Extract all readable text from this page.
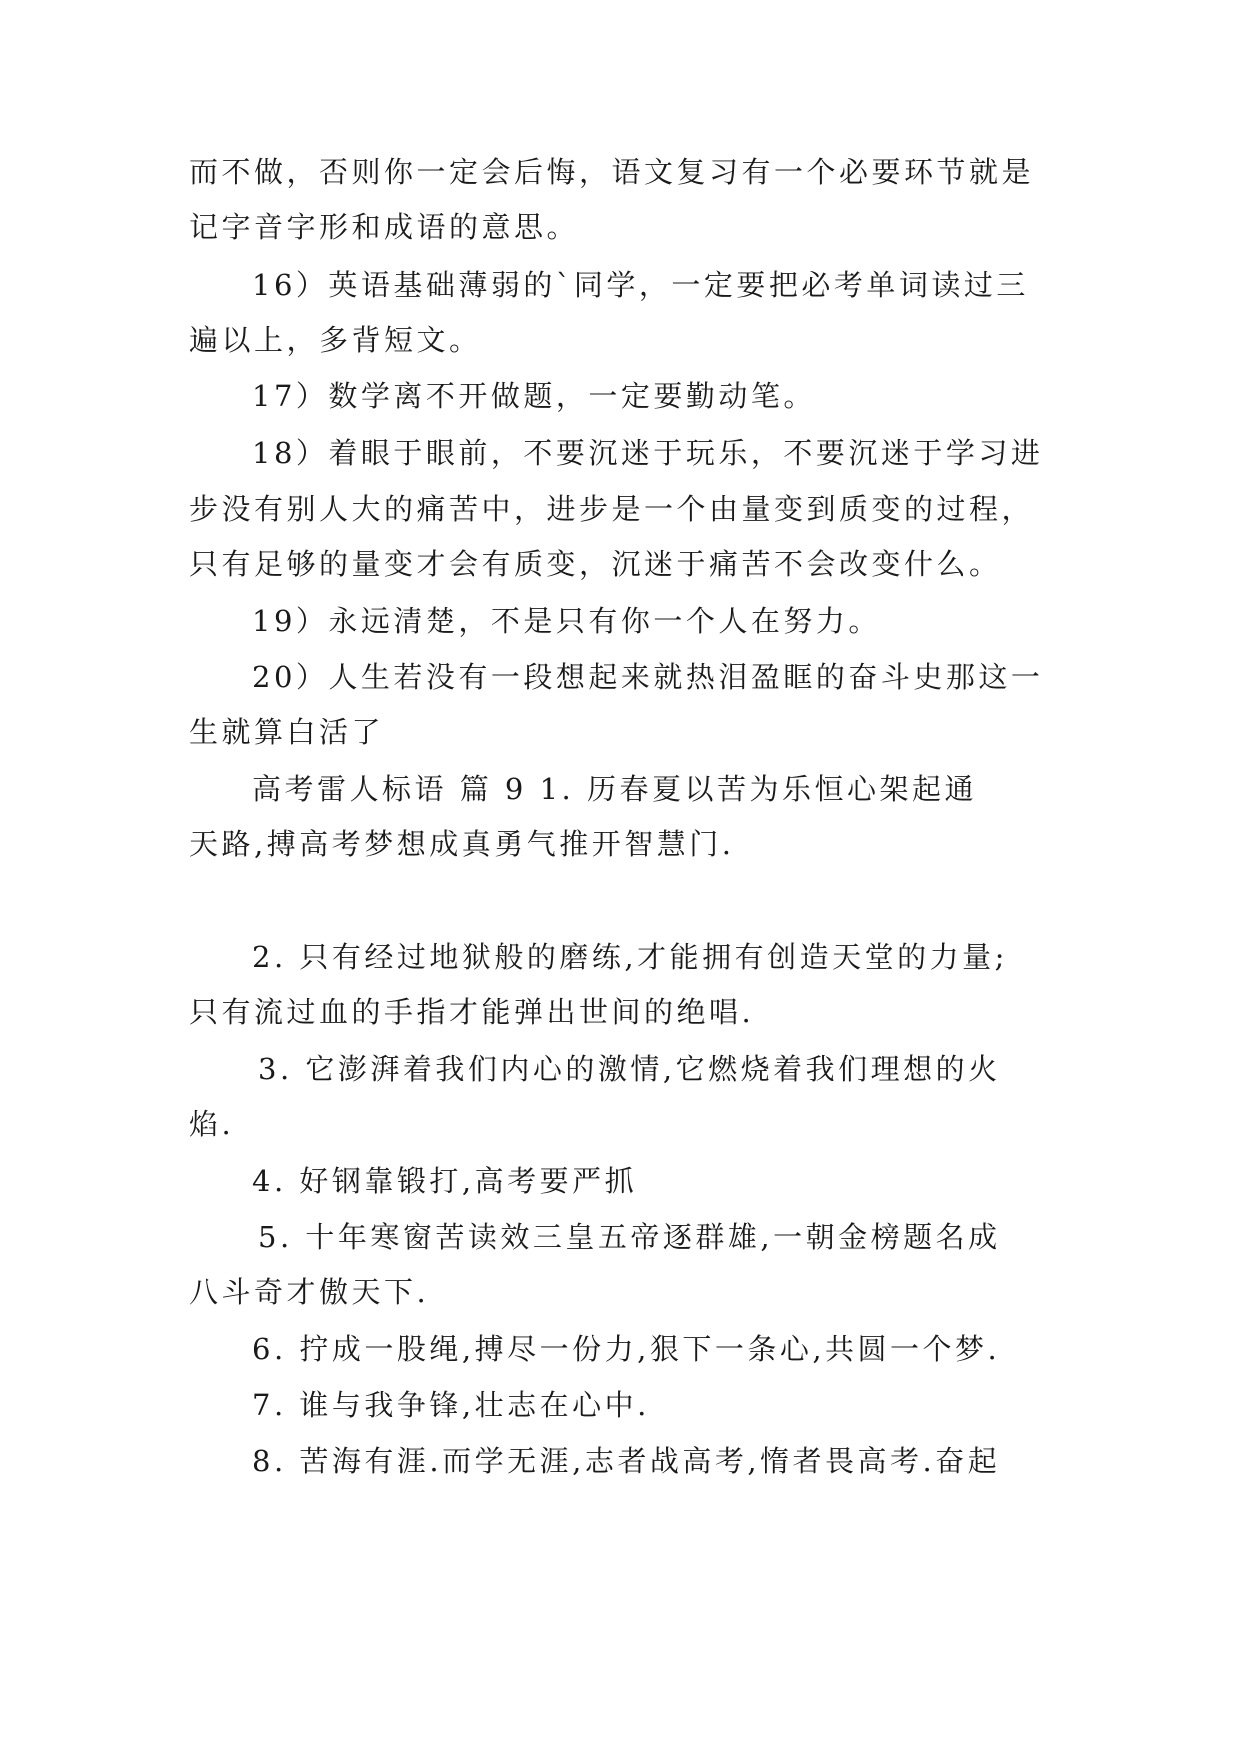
而不做，否则你一定会后悔，语文复习有一个必要环节就是
记字音字形和成语的意思。
16）英语基础薄弱的`同学，一定要把必考单词读过三
遍以上，多背短文。
17）数学离不开做题，一定要勤动笔。
18）着眼于眼前，不要沉迷于玩乐，不要沉迷于学习进
步没有别人大的痛苦中，进步是一个由量变到质变的过程，
只有足够的量变才会有质变，沉迷于痛苦不会改变什么。
19）永远清楚，不是只有你一个人在努力。
20）人生若没有一段想起来就热泪盈眶的奋斗史那这一
生就算白活了
高考雷人标语 篇 9 1. 历春夏以苦为乐恒心架起通
天路,搏高考梦想成真勇气推开智慧门.
2. 只有经过地狱般的磨练,才能拥有创造天堂的力量;
只有流过血的手指才能弹出世间的绝唱.
3. 它澎湃着我们内心的激情,它燃烧着我们理想的火
焰.
4. 好钢靠锻打,高考要严抓
5. 十年寒窗苦读效三皇五帝逐群雄,一朝金榜题名成
八斗奇才傲天下.
6. 拧成一股绳,搏尽一份力,狠下一条心,共圆一个梦.
7. 谁与我争锋,壮志在心中.
8. 苦海有涯.而学无涯,志者战高考,惰者畏高考.奋起
